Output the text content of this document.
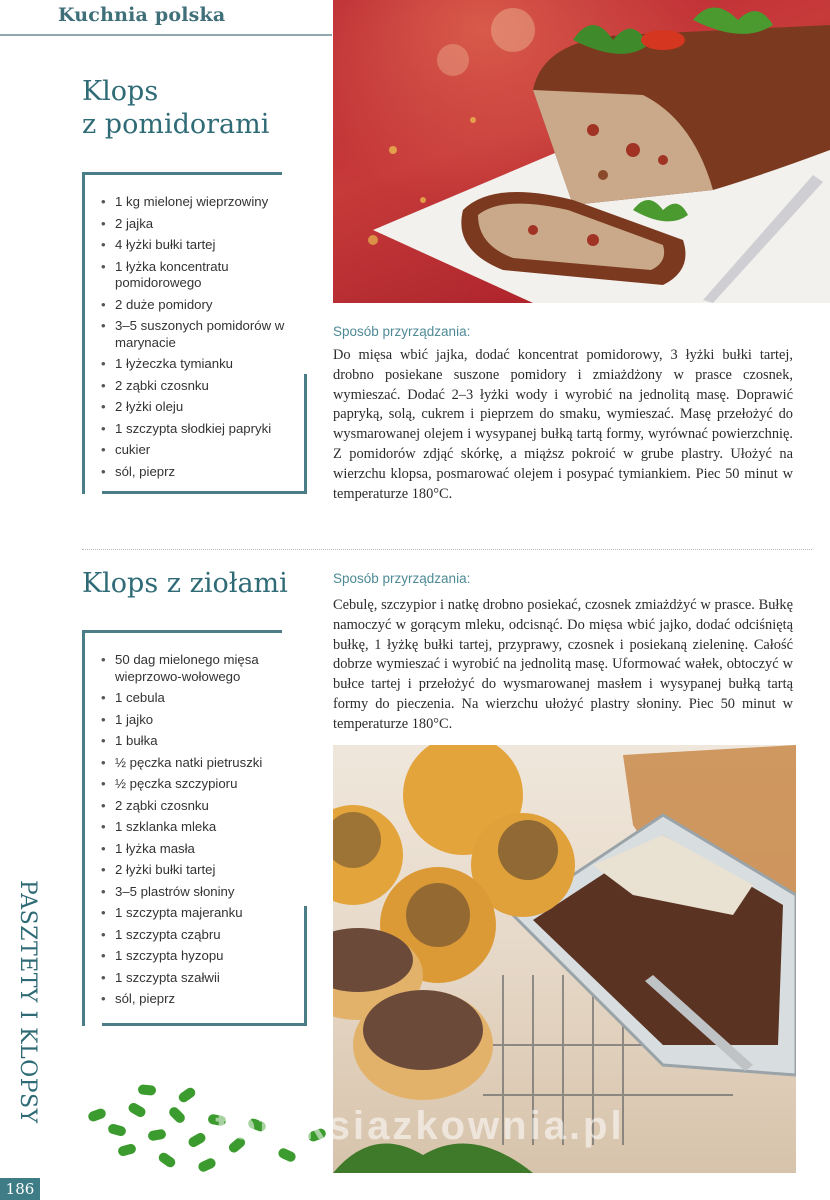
Kuchnia polska
Klops
z pomidorami
• 1 kg mielonej wieprzowiny
• 2 jajka
• 4 łyżki bułki tartej
• 1 łyżka koncentratu pomidorowego
• 2 duże pomidory
• 3–5 suszonych pomidorów w marynacie
• 1 łyżeczka tymianku
• 2 ząbki czosnku
• 2 łyżki oleju
• 1 szczypta słodkiej papryki
• cukier
• sól, pieprz
Sposób przyrządzania:
Do mięsa wbić jajka, dodać koncentrat pomidorowy, 3 łyżki bułki tartej, drobno posiekane suszone pomidory i zmiażdżony w prasce czosnek, wymieszać. Dodać 2–3 łyżki wody i wyrobić na jednolitą masę. Doprawić papryką, solą, cukrem i pieprzem do smaku, wymieszać. Masę przełożyć do wysmarowanej olejem i wysypanej bułką tartą formy, wyrównać powierzchnię. Z pomidorów zdjąć skórkę, a miąższ pokroić w grube plastry. Ułożyć na wierzchu klopsa, posmarować olejem i posypać tymiankiem. Piec 50 minut w temperaturze 180°C.
Klops z ziołami	Sposób przyrządzania:
Cebulę, szczypior i natkę drobno posiekać, czosnek zmiażdżyć w prasce. Bułkę namoczyć w gorącym mleku, odcisnąć. Do mięsa wbić jajko, dodać odciśniętą bułkę, 1 łyżkę bułki tartej, przyprawy, czosnek i posiekaną zieleninę. Całość dobrze wymieszać i wyrobić na jednolitą masę. Uformować wałek, obtoczyć w bułce tartej i przełożyć do wysmarowanej masłem i wysypanej bułką tartą formy do pieczenia. Na wierzchu ułożyć plastry słoniny. Piec 50 minut w temperaturze 180°C.
• 50 dag mielonego mięsa wieprzowo-wołowego
• 1 cebula
• 1 jajko
• 1 bułka
• ½ pęczka natki pietruszki
• ½ pęczka szczypioru
• 2 ząbki czosnku
• 1 szklanka mleka
• 1 łyżka masła
• 2 łyżki bułki tartej
• 3–5 plastrów słoniny
• 1 szczypta majeranku
• 1 szczypta cząbru
• 1 szczypta hyzopu
• 1 szczypta szałwii
• sól, pieprz
fotoksiazkownia.pl
PASZTETY I KLOPSY
186
